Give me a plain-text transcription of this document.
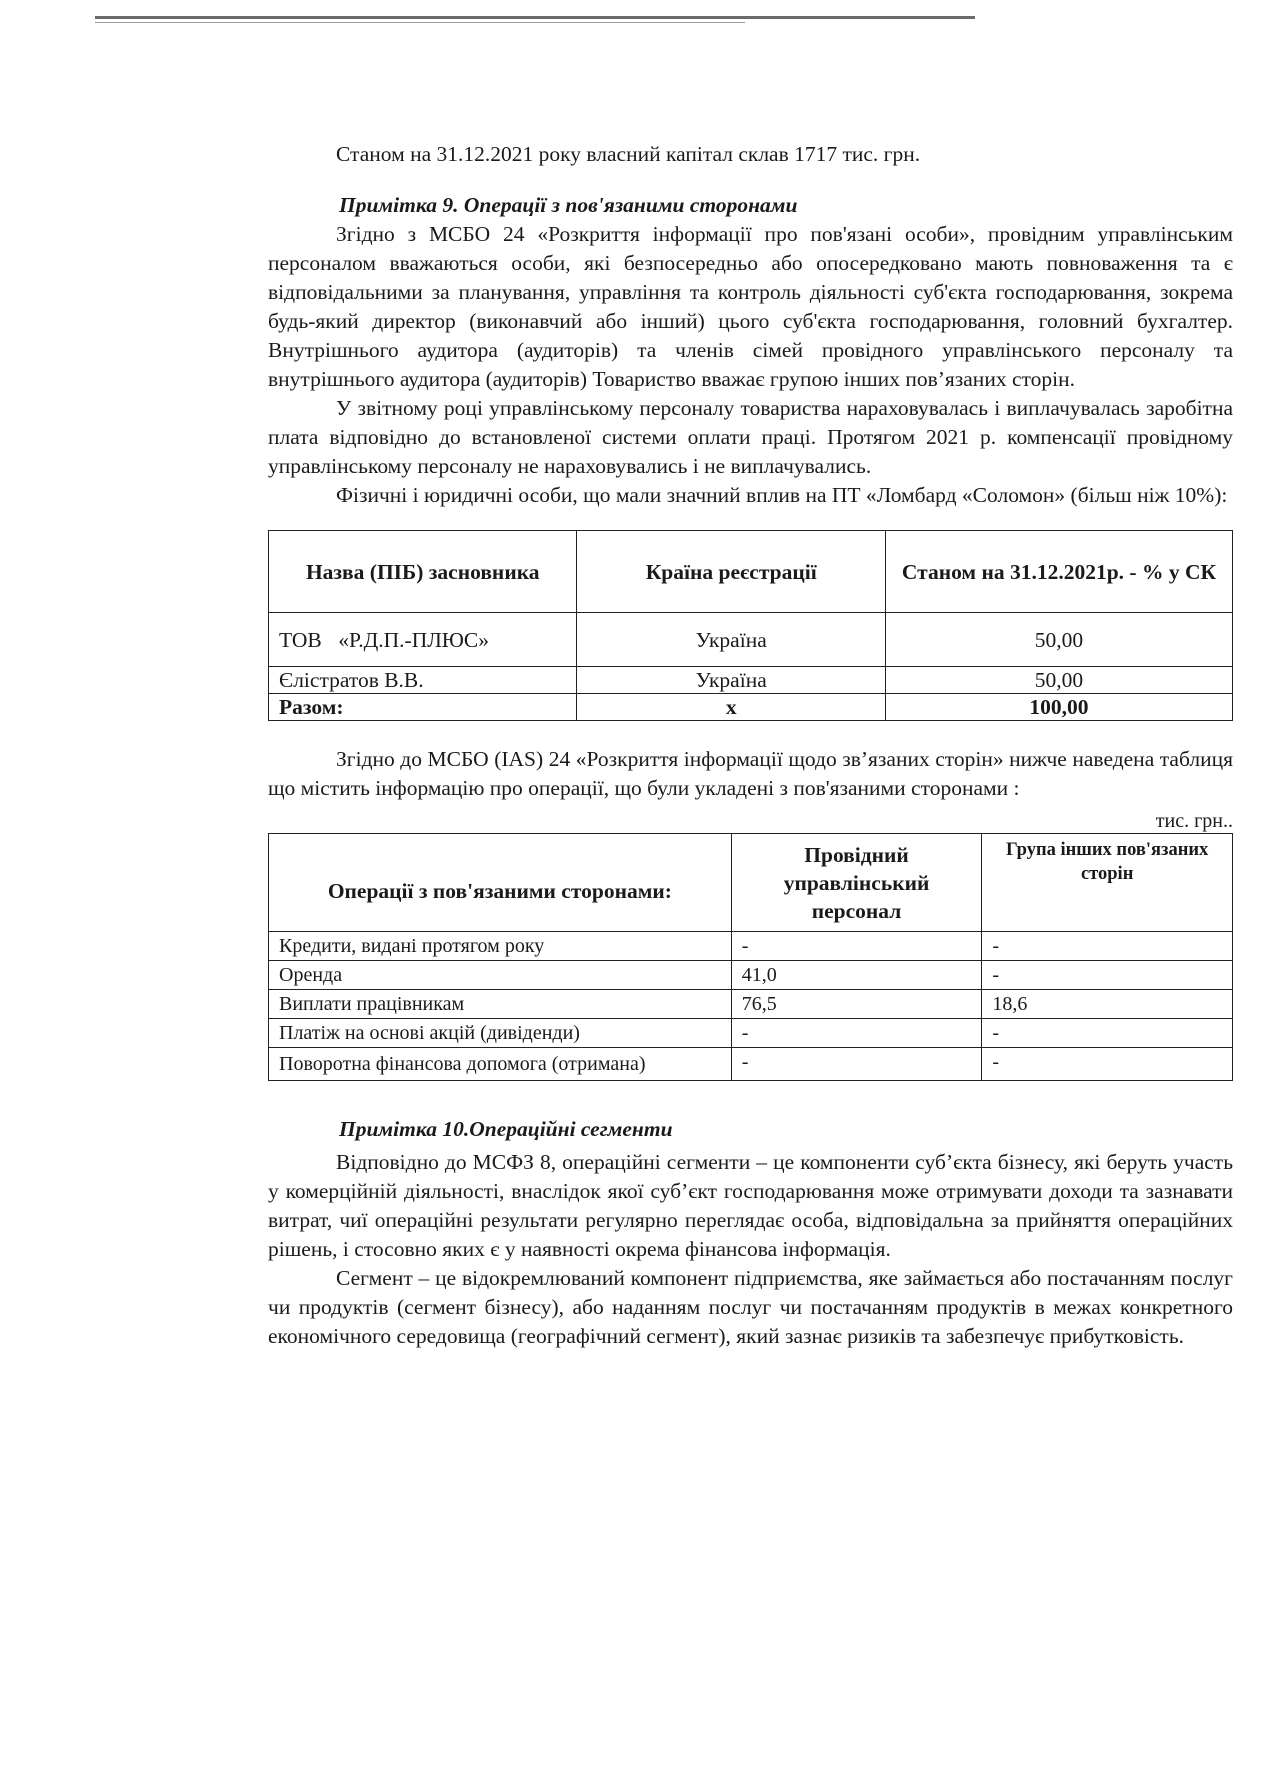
Станом на 31.12.2021 року власний капітал склав 1717 тис. грн.

Примітка 9. Операції з пов'язаними сторонами

Згідно з МСБО 24 «Розкриття інформації про пов'язані особи», провідним управлінським персоналом вважаються особи, які безпосередньо або опосередковано мають повноваження та є відповідальними за планування, управління та контроль діяльності суб'єкта господарювання, зокрема будь-який директор (виконавчий або інший) цього суб'єкта господарювання, головний бухгалтер. Внутрішнього аудитора (аудиторів) та членів сімей провідного управлінського персоналу та внутрішнього аудитора (аудиторів) Товариство вважає групою інших пов’язаних сторін.

У звітному році управлінському персоналу товариства нараховувалась і виплачувалась заробітна плата відповідно до встановленої системи оплати праці. Протягом 2021 р. компенсації провідному управлінському персоналу не нараховувались і не виплачувались.

Фізичні і юридичні особи, що мали значний вплив на ПТ «Ломбард «Соломон» (більш ніж 10%):

Назва (ПІБ) засновника	Країна реєстрації	Станом на 31.12.2021р. - % у СК

ТОВ «Р.Д.П.-ПЛЮС»	Україна	50,00
Єлістратов В.В.	Україна	50,00
Разом:	х	100,00

Згідно до МСБО (IAS) 24 «Розкриття інформації щодо зв’язаних сторін» нижче наведена таблиця що містить інформацію про операції, що були укладені з пов'язаними сторонами :

тис. грн..
Операції з пов'язаними сторонами:	Провідний управлінський персонал	Група інших пов'язаних сторін
Кредити, видані протягом року	-	-
Оренда	41,0	-
Виплати працівникам	76,5	18,6
Платіж на основі акцій (дивіденди)	-	-

Поворотна фінансова допомога (отримана)	-	-

Примітка 10.Операційні сегменти

Відповідно до МСФЗ 8, операційні сегменти – це компоненти суб’єкта бізнесу, які беруть участь у комерційній діяльності, внаслідок якої суб’єкт господарювання може отримувати доходи та зазнавати витрат, чиї операційні результати регулярно переглядає особа, відповідальна за прийняття операційних рішень, і стосовно яких є у наявності окрема фінансова інформація.

Сегмент – це відокремлюваний компонент підприємства, яке займається або постачанням послуг чи продуктів (сегмент бізнесу), або наданням послуг чи постачанням продуктів в межах конкретного економічного середовища (географічний сегмент), який зазнає ризиків та забезпечує прибутковість.
